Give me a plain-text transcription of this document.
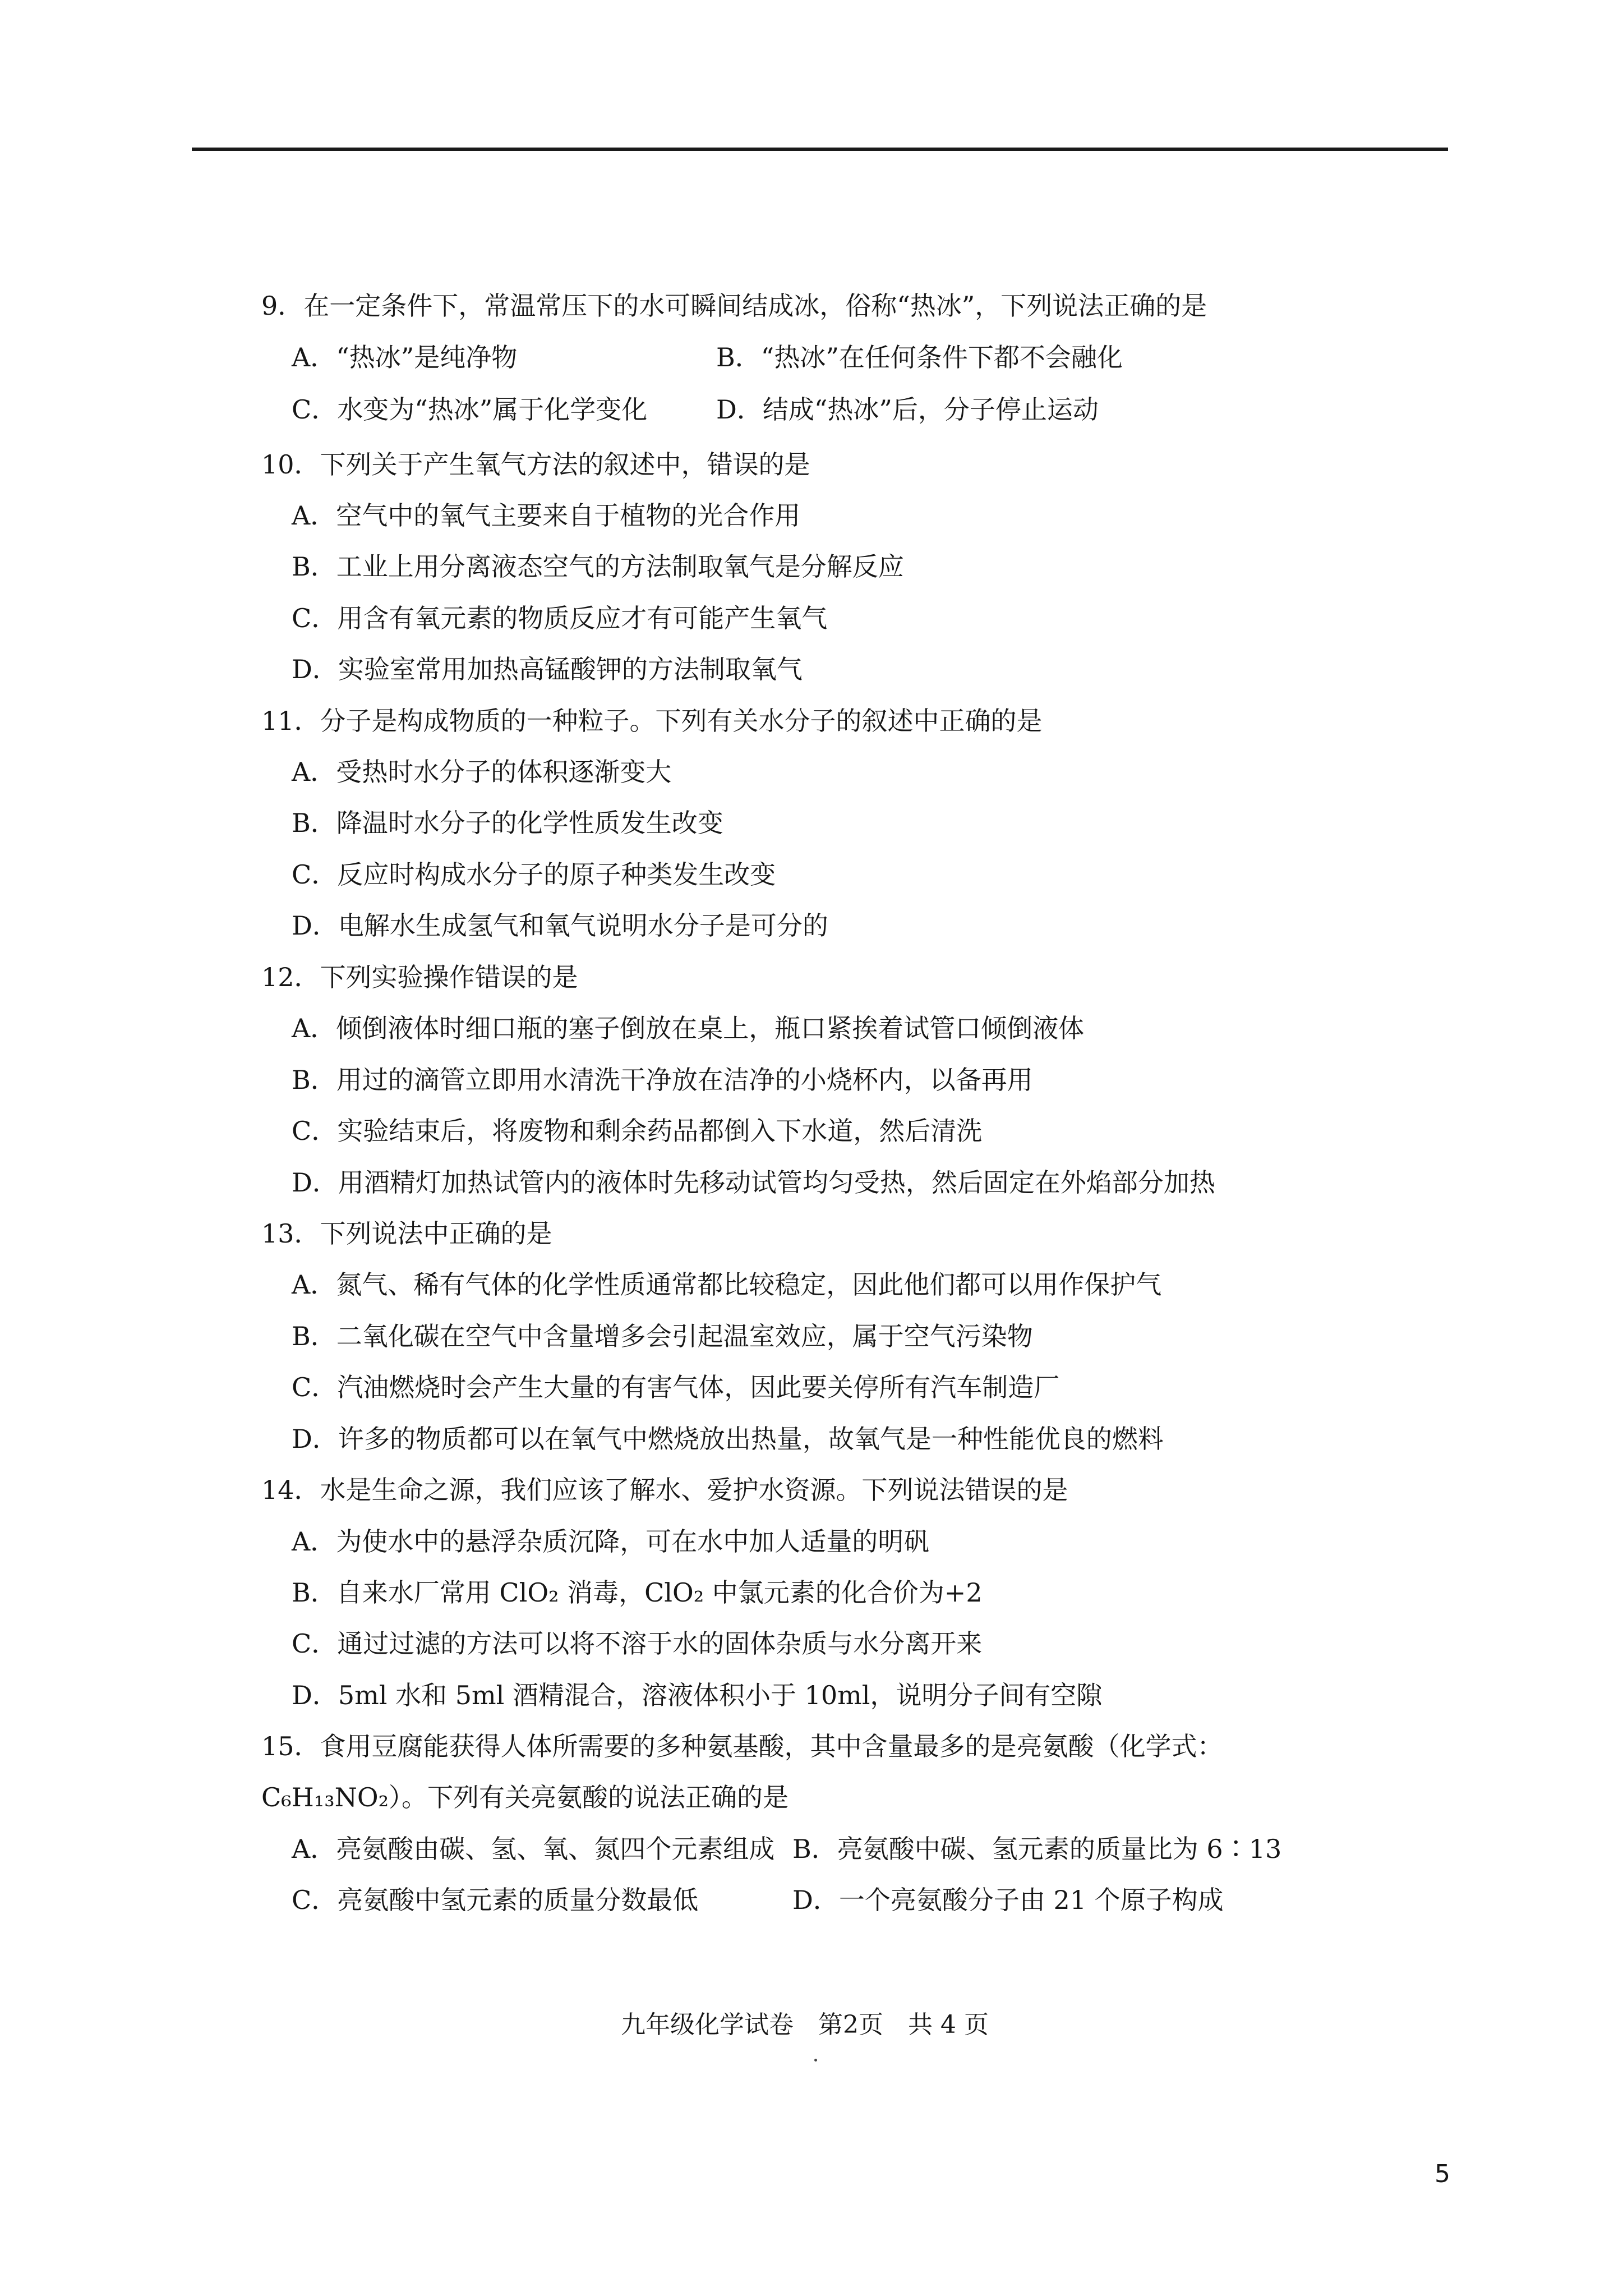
9．在一定条件下，常温常压下的水可瞬间结成冰，俗称“热冰”，下列说法正确的是
A．“热冰”是纯净物	B．“热冰”在任何条件下都不会融化
C．水变为“热冰”属于化学变化	D．结成“热冰”后，分子停止运动
10．下列关于产生氧气方法的叙述中，错误的是
A．空气中的氧气主要来自于植物的光合作用
B．工业上用分离液态空气的方法制取氧气是分解反应
C．用含有氧元素的物质反应才有可能产生氧气
D．实验室常用加热高锰酸钾的方法制取氧气
11．分子是构成物质的一种粒子。下列有关水分子的叙述中正确的是
A．受热时水分子的体积逐渐变大
B．降温时水分子的化学性质发生改变
C．反应时构成水分子的原子种类发生改变
D．电解水生成氢气和氧气说明水分子是可分的
12．下列实验操作错误的是
A．倾倒液体时细口瓶的塞子倒放在桌上，瓶口紧挨着试管口倾倒液体
B．用过的滴管立即用水清洗干净放在洁净的小烧杯内，以备再用
C．实验结束后，将废物和剩余药品都倒入下水道，然后清洗
D．用酒精灯加热试管内的液体时先移动试管均匀受热，然后固定在外焰部分加热
13．下列说法中正确的是
A．氮气、稀有气体的化学性质通常都比较稳定，因此他们都可以用作保护气
B．二氧化碳在空气中含量增多会引起温室效应，属于空气污染物
C．汽油燃烧时会产生大量的有害气体，因此要关停所有汽车制造厂
D．许多的物质都可以在氧气中燃烧放出热量，故氧气是一种性能优良的燃料
14．水是生命之源，我们应该了解水、爱护水资源。下列说法错误的是
A．为使水中的悬浮杂质沉降，可在水中加人适量的明矾
B．自来水厂常用 ClO₂ 消毒，ClO₂ 中氯元素的化合价为+2
C．通过过滤的方法可以将不溶于水的固体杂质与水分离开来
D．5ml 水和 5ml 酒精混合，溶液体积小于 10ml，说明分子间有空隙
15．食用豆腐能获得人体所需要的多种氨基酸，其中含量最多的是亮氨酸（化学式：
C₆H₁₃NO₂）。下列有关亮氨酸的说法正确的是
A．亮氨酸由碳、氢、氧、氮四个元素组成 B．亮氨酸中碳、氢元素的质量比为 6∶13
C．亮氨酸中氢元素的质量分数最低	D．一个亮氨酸分子由 21 个原子构成
九年级化学试卷 第2页 共 4 页
5
